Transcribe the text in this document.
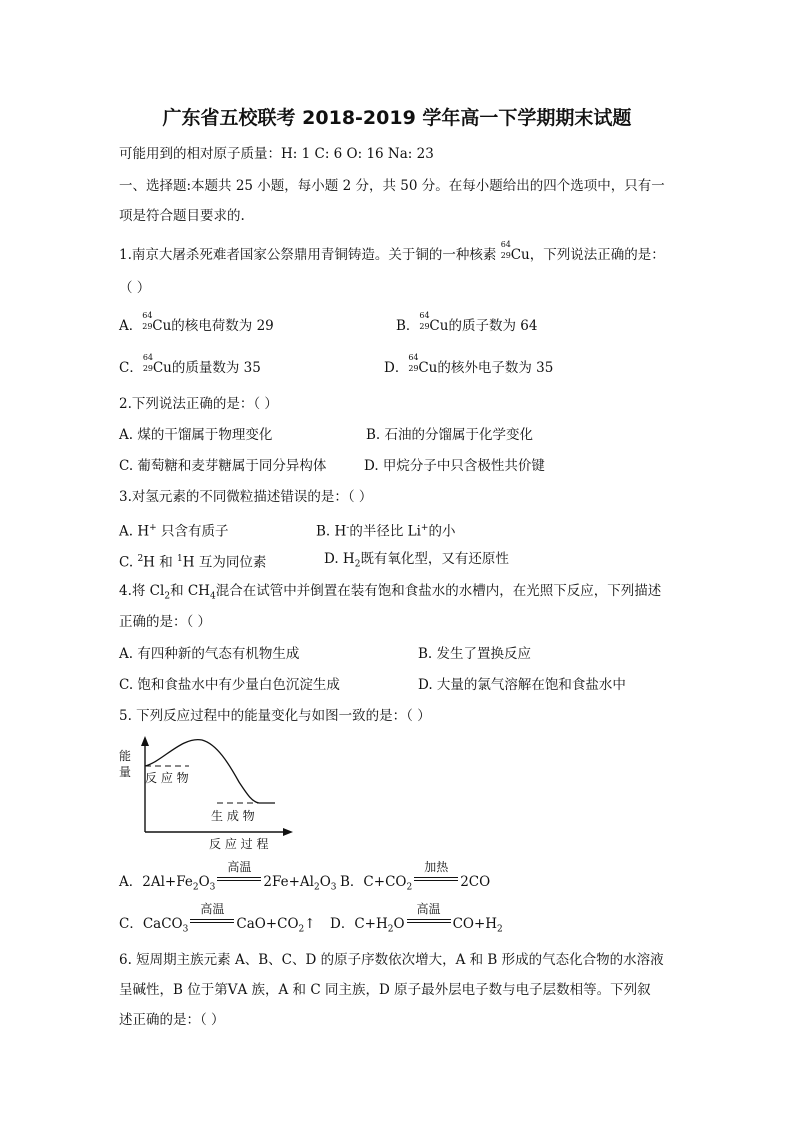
广东省五校联考 2018-2019 学年高一下学期期末试题
可能用到的相对原子质量：H: 1 C: 6 O: 16 Na: 23
一、选择题:本题共 25 小题，每小题 2 分，共 50 分。在每小题给出的四个选项中，只有一
项是符合题目要求的.
1.南京大屠杀死难者国家公祭鼎用青铜铸造。关于铜的一种核素
64
29 Cu，下列说法正确的是：
（ ）
A．
64
29 Cu的核电荷数为 29	B．
64
29 Cu的质子数为 64
C．
64
29 Cu的质量数为 35	D．
64
29 Cu的核外电子数为 35
2.下列说法正确的是：（ ）
A. 煤的干馏属于物理变化	B. 石油的分馏属于化学变化
C. 葡萄糖和麦芽糖属于同分异构体	D. 甲烷分子中只含极性共价键
3.对氢元素的不同微粒描述错误的是：（ ）
A. H+ 只含有质子	B. H-的半径比 Li+的小
C. $^2$H 和 $^1$H 互为同位素	D. $H_2$既有氧化型，又有还原性
4.将 $Cl_2$和 $CH_4$混合在试管中并倒置在装有饱和食盐水的水槽内，在光照下反应，下列描述
正确的是：（ ）
A. 有四种新的气态有机物生成	B. 发生了置换反应
C. 饱和食盐水中有少量白色沉淀生成	D. 大量的氯气溶解在饱和食盐水中
5. 下列反应过程中的能量变化与如图一致的是：（ ）
能
量 反 应 物
生 成 物
反 应 过 程
A．$2Al+Fe_2O_3$
高温
$2Fe+Al_2O_3$ B．$C+CO_2$
加热
2CO
C．CaCO$_3$
高温
$CaO+CO_2↑$ D．$C+H_2O$
高温
$CO+H_2$
6. 短周期主族元素 A、B、C、D 的原子序数依次增大，A 和 B 形成的气态化合物的水溶液
呈碱性，B 位于第ⅤA 族，A 和 C 同主族，D 原子最外层电子数与电子层数相等。下列叙
述正确的是：（ ）
